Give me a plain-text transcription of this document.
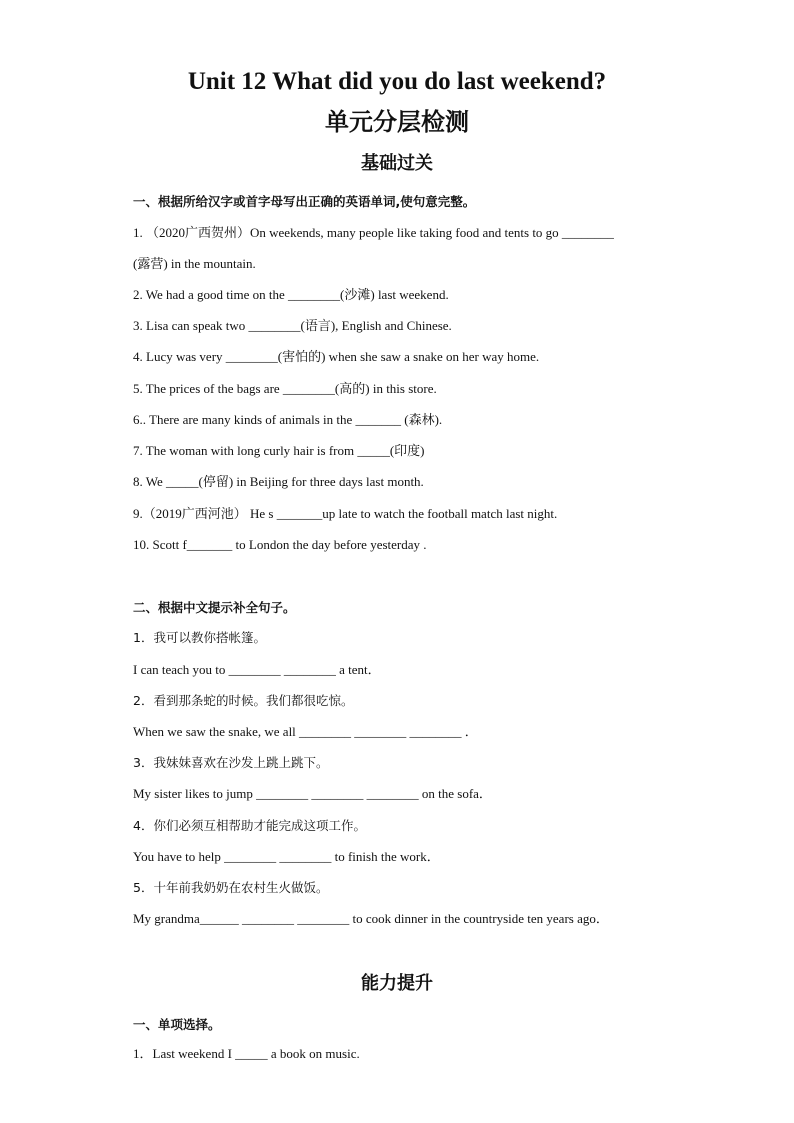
Unit 12 What did you do last weekend?
单元分层检测
基础过关
一、根据所给汉字或首字母写出正确的英语单词,使句意完整。
1. （2020广西贺州）On weekends, many people like taking food and tents to go ________
(露营) in the mountain.
2. We had a good time on the ________(沙滩) last weekend.
3. Lisa can speak two ________(语言), English and Chinese.
4. Lucy was very ________(害怕的) when she saw a snake on her way home.
5. The prices of the bags are ________(高的) in this store.
6.. There are many kinds of animals in the _______ (森林).
7. The woman with long curly hair is from _____(印度)
8. We _____(停留) in Beijing for three days last month.
9.（2019广西河池） He s _______up late to watch the football match last night.
10. Scott f_______ to London the day before yesterday .
二、根据中文提示补全句子。
1．我可以教你搭帐篷。
I can teach you to ________ ________ a tent．
2．看到那条蛇的时候。我们都很吃惊。
When we saw the snake, we all ________ ________ ________ ．
3．我妹妹喜欢在沙发上跳上跳下。
My sister likes to jump ________ ________ ________ on the sofa．
4．你们必须互相帮助才能完成这项工作。
You have to help ________ ________ to finish the work．
5．十年前我奶奶在农村生火做饭。
My grandma______ ________ ________ to cook dinner in the countryside ten years ago．
能力提升
一、单项选择。
1．Last weekend I _____ a book on music.
